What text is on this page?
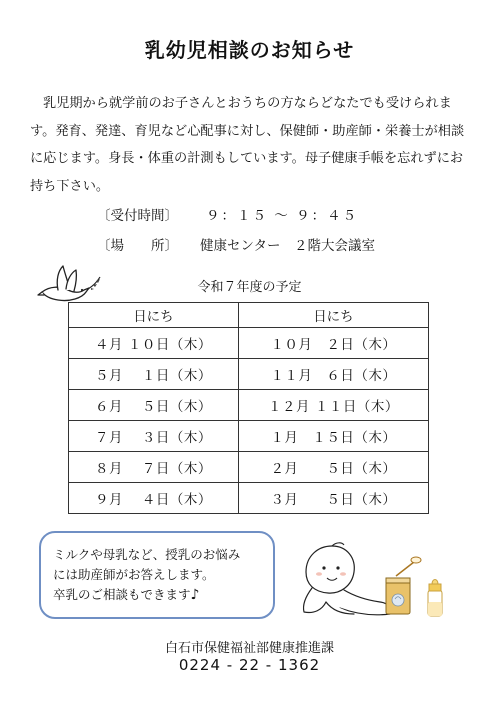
乳幼児相談のお知らせ

乳児期から就学前のお子さんとおうちの方ならどなたでも受けられます。発育、発達、育児など心配事に対し、保健師・助産師・栄養士が相談に応じます。身長・体重の計測もしています。母子健康手帳を忘れずにお持ち下さい。

〔受付時間〕 ９：１５ ～ ９：４５
〔場　　所〕 健康センター　２階大会議室
令和７年度の予定
日にち	日にち
４月 １０日（木）	１０月　２日（木）
５月　 １日（木）	１１月　６日（木）
６月　 ５日（木）	１２月 １１日（木）
７月　 ３日（木）	１月　１５日（木）
８月　 ７日（木）	２月　　５日（木）
９月　 ４日（木）	３月　　５日（木）
ミルクや母乳など、授乳のお悩み
には助産師がお答えします。
卒乳のご相談もできます♪
白石市保健福祉部健康推進課
0224 - 22 - 1362
